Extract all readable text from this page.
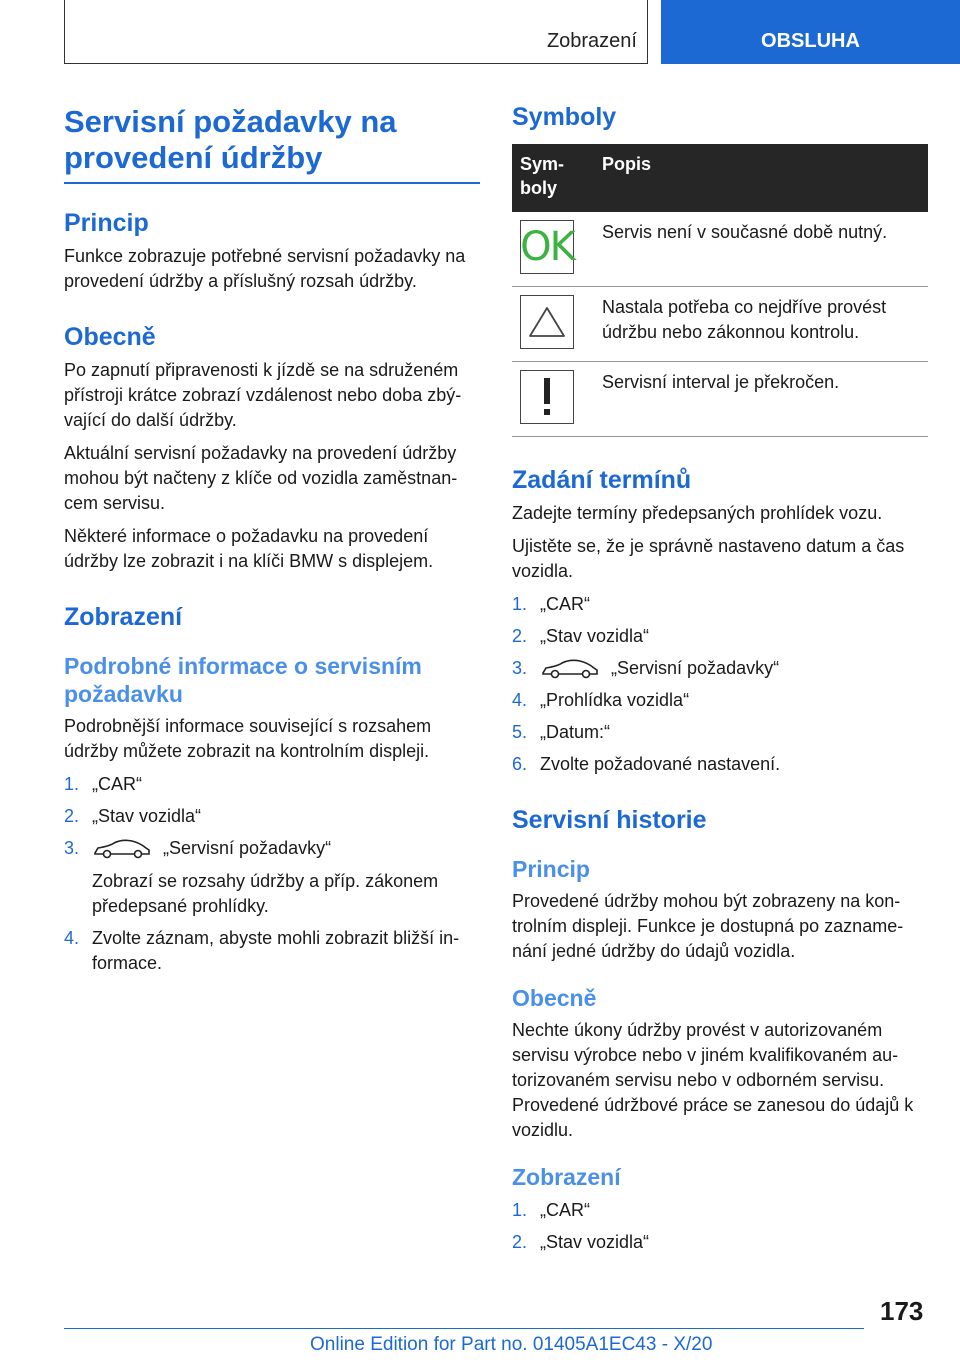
Zobrazení	OBSLUHA
Servisní požadavky na provedení údržby
Princip

Funkce zobrazuje potřebné servisní požadavky na provedení údržby a příslušný rozsah údržby.

Obecně

Po zapnutí připravenosti k jízdě se na sdruženém přístroji krátce zobrazí vzdálenost nebo doba zbý-vající do další údržby.

Aktuální servisní požadavky na provedení údržby mohou být načteny z klíče od vozidla zaměstnan-cem servisu.

Některé informace o požadavku na provedení údržby lze zobrazit i na klíči BMW s displejem.

Zobrazení
Podrobné informace o servisním požadavku

Podrobnější informace související s rozsahem údržby můžete zobrazit na kontrolním displeji.

1. „CAR“
2. „Stav vozidla“
3.	„Servisní požadavky“

Zobrazí se rozsahy údržby a příp. zákonem předepsané prohlídky.

4. Zvolte záznam, abyste mohli zobrazit bližší in-formace.
Symboly
Sym-boly	Popis

OK	Servis není v současné době nutný.

	Nastala potřeba co nejdříve provést údržbu nebo zákonnou kontrolu.

	Servisní interval je překročen.
Zadání termínů

Zadejte termíny předepsaných prohlídek vozu.

Ujistěte se, že je správně nastaveno datum a čas vozidla.

1. „CAR“
2. „Stav vozidla“
3.	„Servisní požadavky“
4. „Prohlídka vozidla“
5. „Datum:“
6. Zvolte požadované nastavení.
Servisní historie
Princip

Provedené údržby mohou být zobrazeny na kon-trolním displeji. Funkce je dostupná po zazname-nání jedné údržby do údajů vozidla.

Obecně

Nechte úkony údržby provést v autorizovaném servisu výrobce nebo v jiném kvalifikovaném au-torizovaném servisu nebo v odborném servisu. Provedené údržbové práce se zanesou do údajů k vozidlu.

Zobrazení
1. „CAR“
2. „Stav vozidla“
173
Online Edition for Part no. 01405A1EC43 - X/20
